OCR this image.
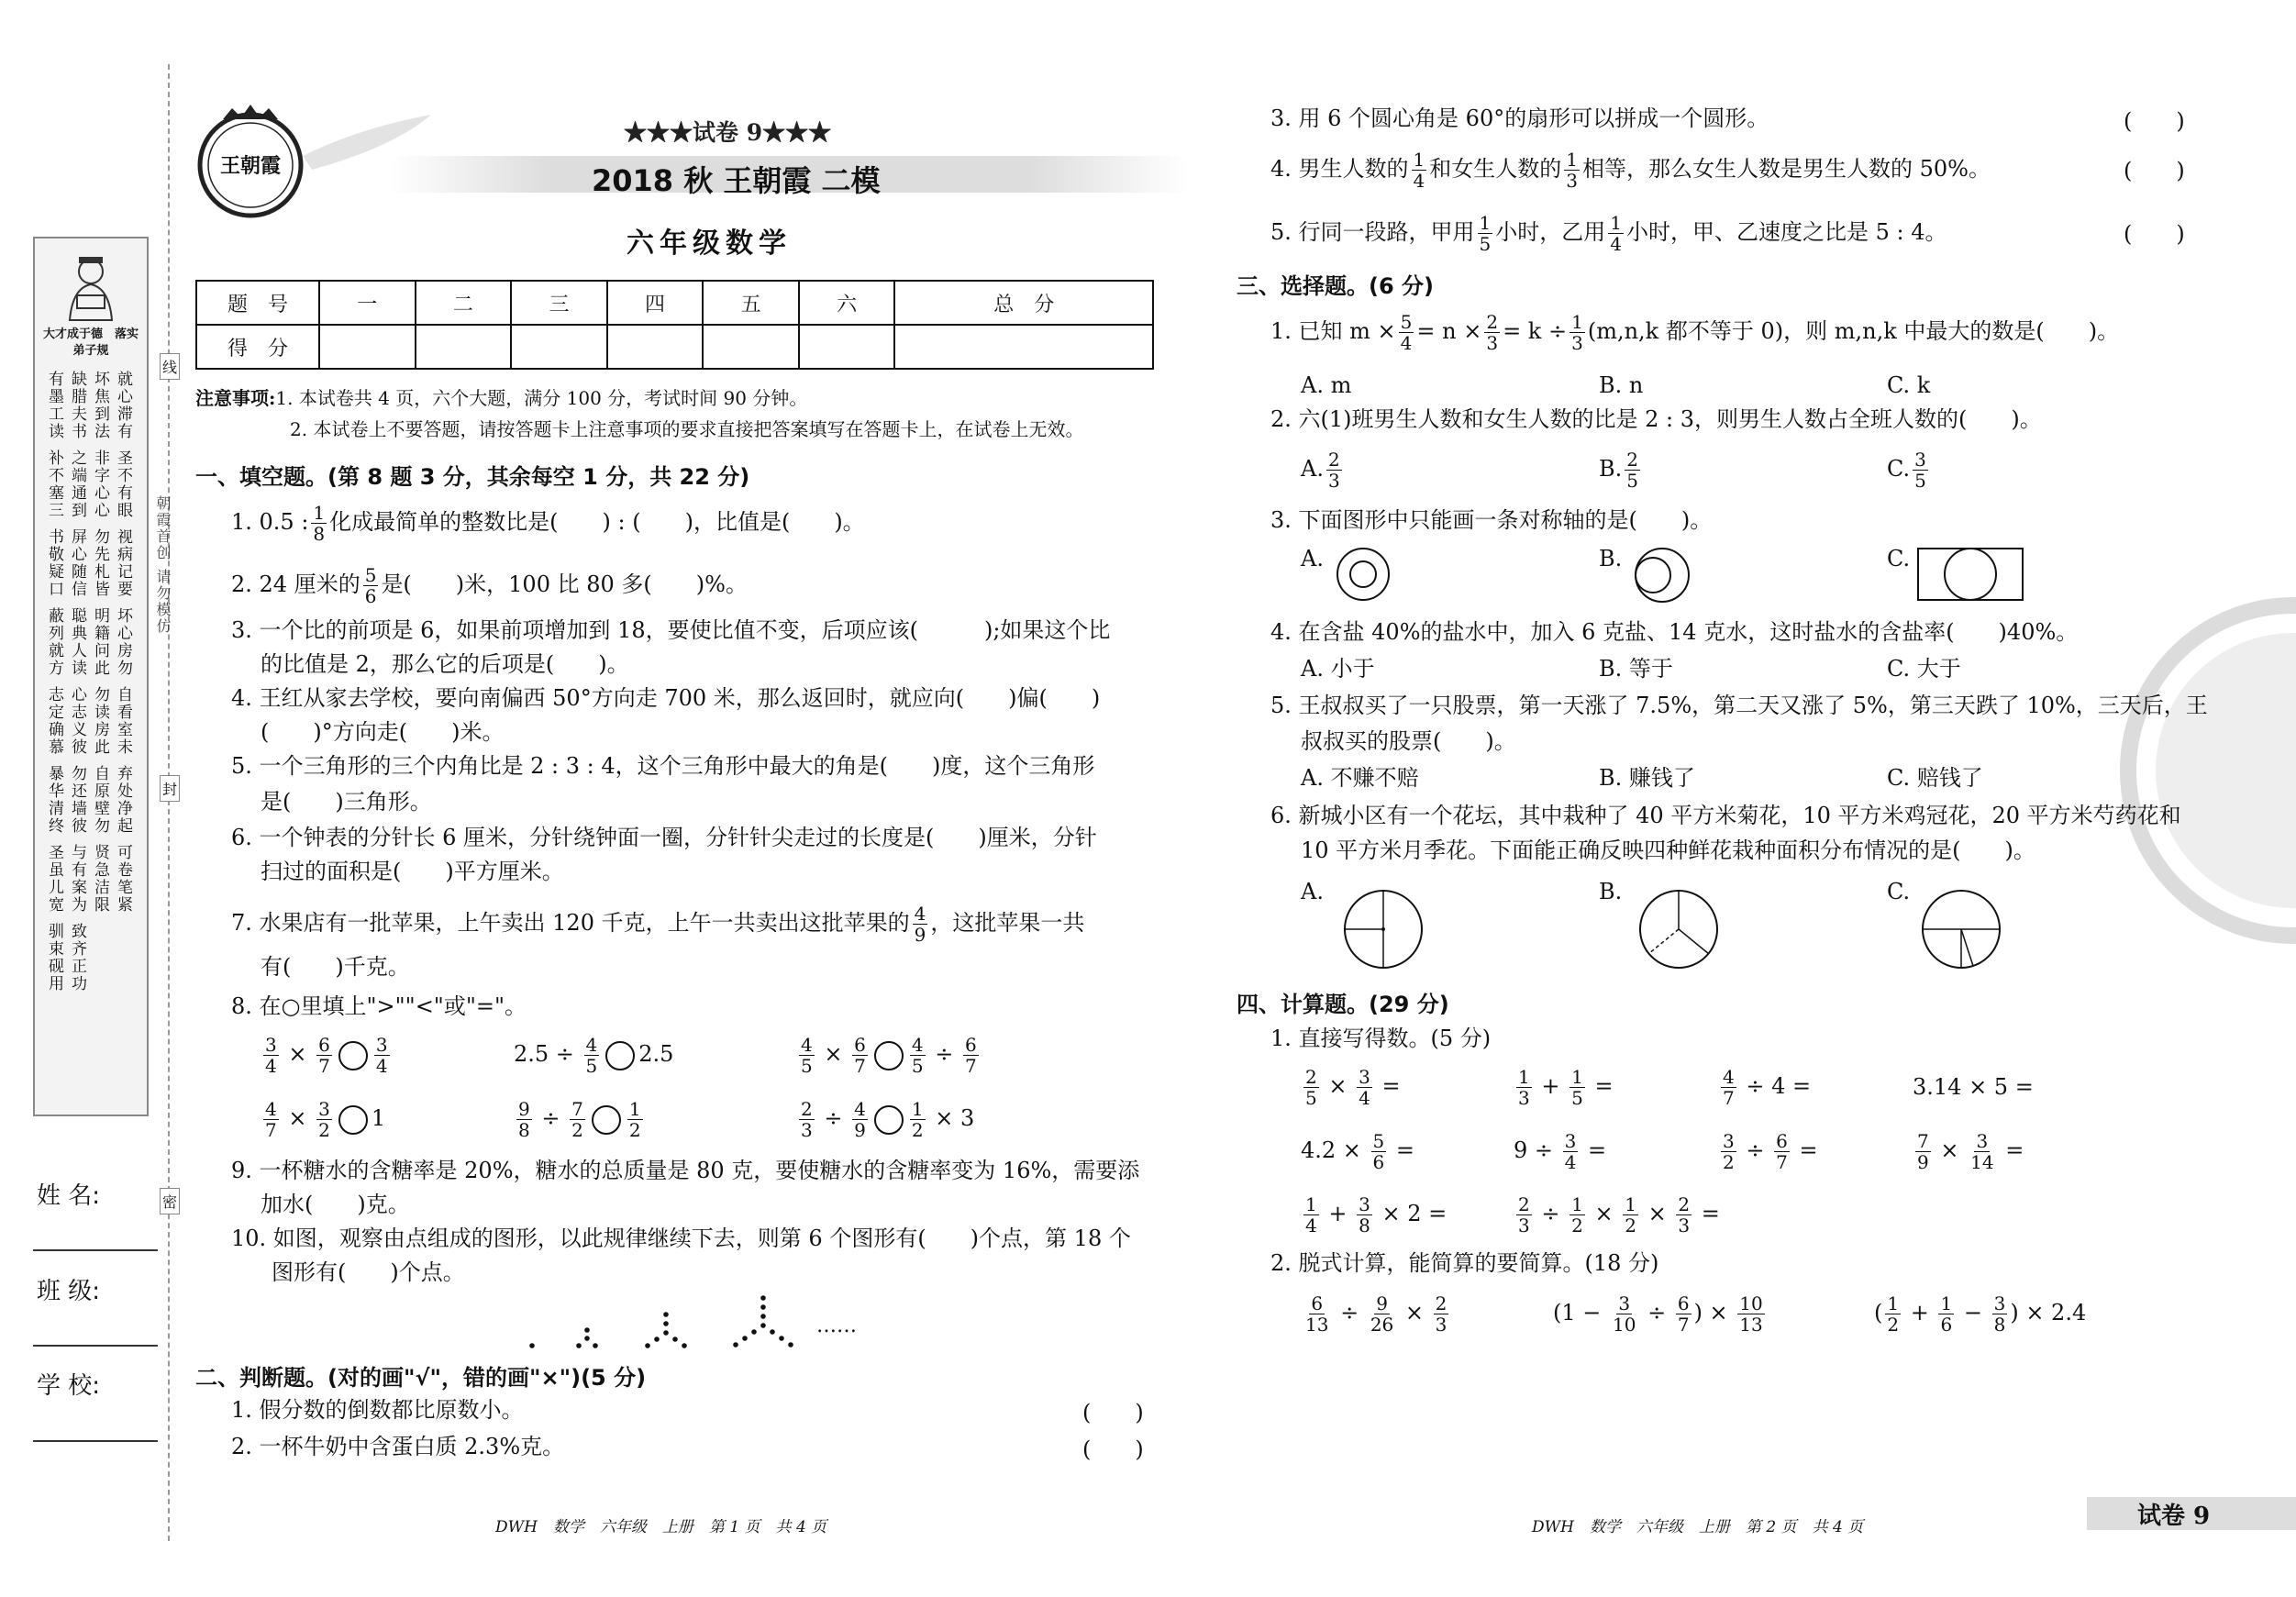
线
封
密
朝霞首创
请勿模仿
大才成于德　落实弟子规
有墨工读 缺腊夫书 坏焦到法 就心滞有
补不塞三 之端通到 非字心心 圣不有眼
书敬疑口 屏心随信 勿先札皆 视病记要
蔽列就方 聪典人读 明籍问此 坏心房勿
志定确慕 心志义彼 勿读房此 自看室未
暴华清终 勿还墙彼 自原壁勿 弃处净起
圣虽儿宽 与有案为 贤急洁限 可卷笔紧
驯束砚用 致齐正功
姓 名:
班 级:
学 校:
王朝霞
★★★试卷 9★★★
2018 秋 王朝霞 二模
六年级数学
题　号	一	二	三	四	五	六	总　分
得　分							
注意事项:1. 本试卷共 4 页，六个大题，满分 100 分，考试时间 90 分钟。
2. 本试卷上不要答题，请按答题卡上注意事项的要求直接把答案填写在答题卡上，在试卷上无效。
一、填空题。(第 8 题 3 分，其余每空 1 分，共 22 分)
1. 0.5 : $\frac{1}{8}$ 化成最简单的整数比是(　　) : (　　)，比值是(　　)。
2. 24 厘米的 $\frac{5}{6}$ 是(　　)米，100 比 80 多(　　)%。
3. 一个比的前项是 6，如果前项增加到 18，要使比值不变，后项应该(　　　);如果这个比
的比值是 2，那么它的后项是(　　)。
4. 王红从家去学校，要向南偏西 50°方向走 700 米，那么返回时，就应向(　　)偏(　　)
(　　)°方向走(　　)米。
5. 一个三角形的三个内角比是 2 : 3 : 4，这个三角形中最大的角是(　　)度，这个三角形
是(　　)三角形。
6. 一个钟表的分针长 6 厘米，分针绕钟面一圈，分针针尖走过的长度是(　　)厘米，分针
扫过的面积是(　　)平方厘米。
7. 水果店有一批苹果，上午卖出 120 千克，上午一共卖出这批苹果的 $\frac{4}{9}$ ，这批苹果一共
有(　　)千克。
8. 在○里填上">""<"或"="。
$\frac{3}{4} \times \frac{6}{7} \frac{3}{4}$	$2.5 \div \frac{4}{5} 2.5$	$\frac{4}{5} \times \frac{6}{7} \frac{4}{5} \div \frac{6}{7}$
$\frac{4}{7} \times \frac{3}{2} 1$	$\frac{9}{8} \div \frac{7}{2} \frac{1}{2}$	$\frac{2}{3} \div \frac{4}{9} \frac{1}{2} \times 3$
9. 一杯糖水的含糖率是 20%，糖水的总质量是 80 克，要使糖水的含糖率变为 16%，需要添
加水(　　)克。
10. 如图，观察由点组成的图形，以此规律继续下去，则第 6 个图形有(　　)个点，第 18 个
图形有(　　)个点。
……
二、判断题。(对的画"√"，错的画"×")(5 分)
1. 假分数的倒数都比原数小。	(　　)
2. 一杯牛奶中含蛋白质 2.3%克。	(　　)
DWH　数学　六年级　上册　第 1 页　共 4 页
3. 用 6 个圆心角是 60°的扇形可以拼成一个圆形。	(　　)
4. 男生人数的 $\frac{1}{4}$ 和女生人数的 $\frac{1}{3}$ 相等，那么女生人数是男生人数的 50%。	(　　)
5. 行同一段路，甲用 $\frac{1}{5}$ 小时，乙用 $\frac{1}{4}$ 小时，甲、乙速度之比是 5 : 4。	(　　)
三、选择题。(6 分)
1. 已知 $m \times \frac{5}{4} = n \times \frac{2}{3} = k \div \frac{1}{3} (m,n,k$ 都不等于 0)，则 m,n,k 中最大的数是(　　)。
A. m	B. n	C. k
2. 六(1)班男生人数和女生人数的比是 2 : 3，则男生人数占全班人数的(　　)。
A. $\frac{2}{3}$	B. $\frac{2}{5}$	C. $\frac{3}{5}$
3. 下面图形中只能画一条对称轴的是(　　)。
A.	B.	C.
4. 在含盐 40%的盐水中，加入 6 克盐、14 克水，这时盐水的含盐率(　　)40%。
A. 小于	B. 等于	C. 大于
5. 王叔叔买了一只股票，第一天涨了 7.5%，第二天又涨了 5%，第三天跌了 10%，三天后，王
叔叔买的股票(　　)。
A. 不赚不赔	B. 赚钱了	C. 赔钱了
6. 新城小区有一个花坛，其中栽种了 40 平方米菊花，10 平方米鸡冠花，20 平方米芍药花和
10 平方米月季花。下面能正确反映四种鲜花栽种面积分布情况的是(　　)。
A.	B.	C.
四、计算题。(29 分)
1. 直接写得数。(5 分)
$\frac{2}{5} \times \frac{3}{4}$ =	$\frac{1}{3} + \frac{1}{5}$ =	$\frac{4}{7} \div 4$ =	3.14 × 5 =
$4.2 \times \frac{5}{6}$ =	$9 \div \frac{3}{4}$ =	$\frac{3}{2} \div \frac{6}{7}$ =	$\frac{7}{9} \times \frac{3}{14}$ =
$\frac{1}{4} + \frac{3}{8} \times 2$ =	$\frac{2}{3} \div \frac{1}{2} \times \frac{1}{2} \times \frac{2}{3}$ =
2. 脱式计算，能简算的要简算。(18 分)
$\frac{6}{13} \div \frac{9}{26} \times \frac{2}{3}$	($1 - \frac{3}{10} \div \frac{6}{7}$ ) × $\frac{10}{13}$	( $\frac{1}{2} + \frac{1}{6} - \frac{3}{8}$ ) × 2.4
DWH　数学　六年级　上册　第 2 页　共 4 页	试卷 9
